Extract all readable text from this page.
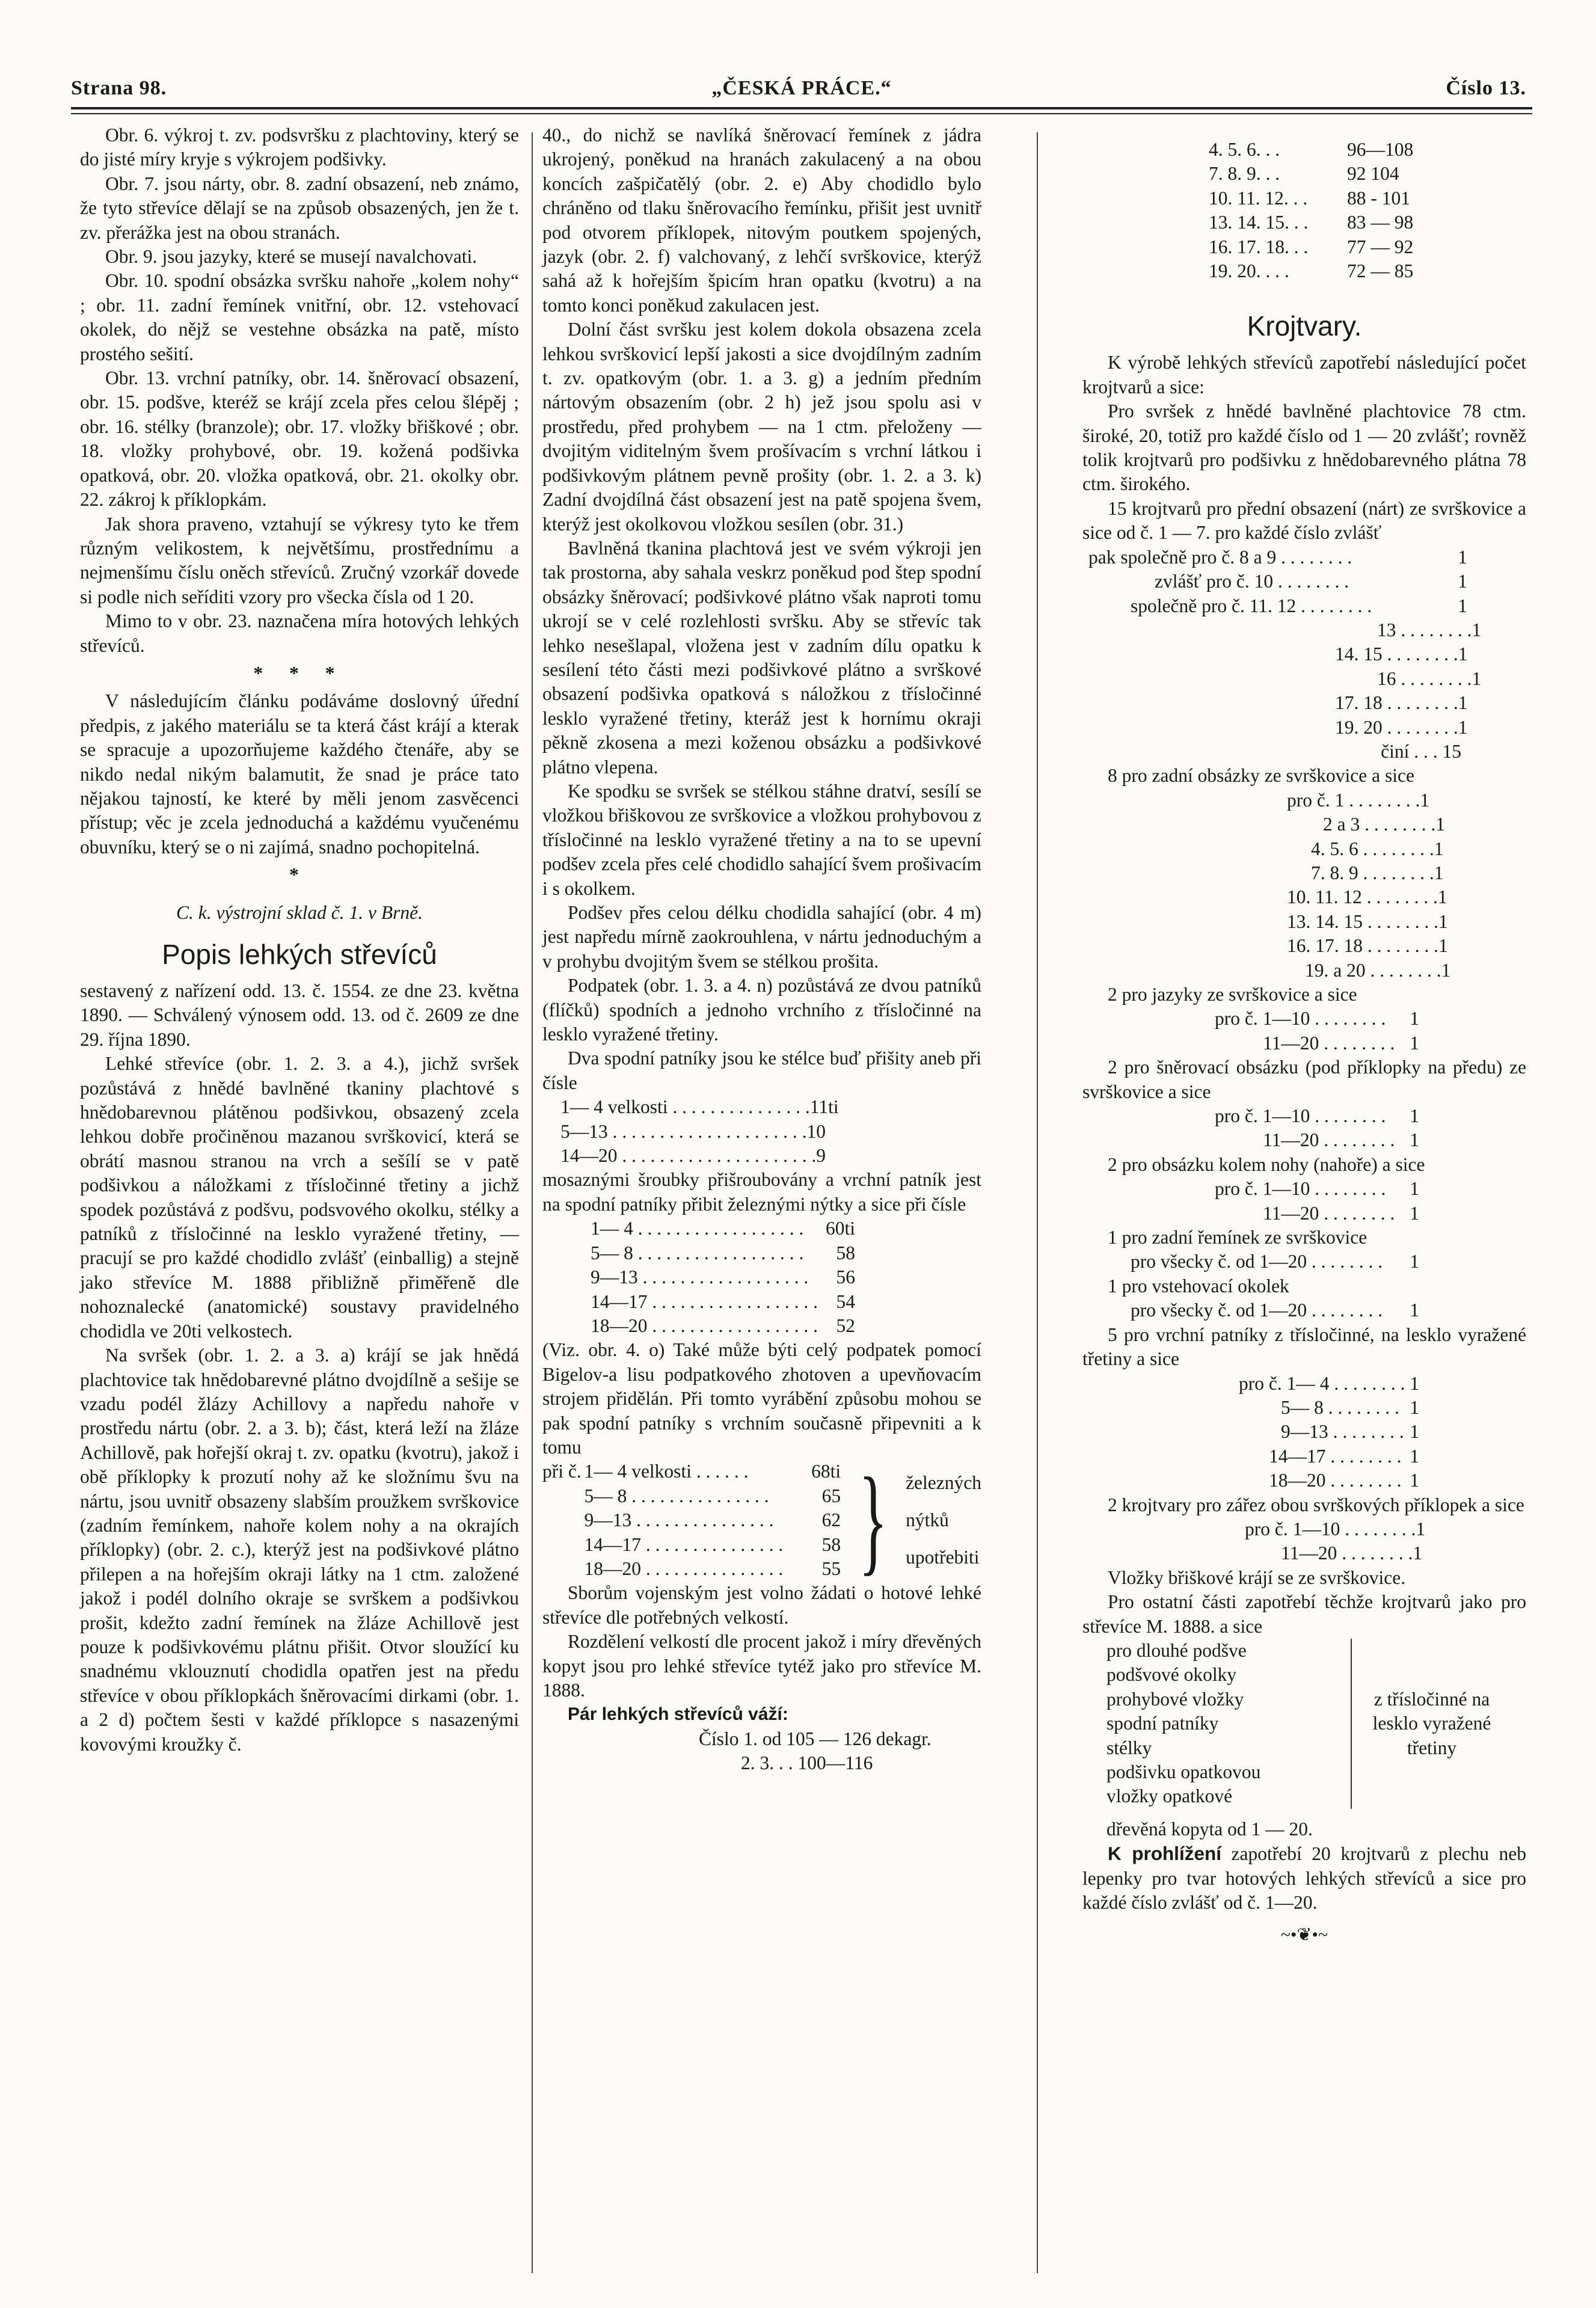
Strana 98.	„ČESKÁ PRÁCE.“	Číslo 13.

Obr. 6. výkroj t. zv. podsvršku z plachtoviny, který se do jisté míry kryje s výkrojem podšivky.

Obr. 7. jsou nárty, obr. 8. zadní obsazení, neb známo, že tyto střevíce dělají se na způsob obsazených, jen že t. zv. přerážka jest na obou stranách.

Obr. 9. jsou jazyky, které se musejí navalchovati.

Obr. 10. spodní obsázka svršku nahoře „kolem nohy“ ; obr. 11. zadní řemínek vnitřní, obr. 12. vstehovací okolek, do nějž se vestehne obsázka na patě, místo prostého sešití.

Obr. 13. vrchní patníky, obr. 14. šněrovací obsazení, obr. 15. podšve, kteréž se krájí zcela přes celou šlépěj ; obr. 16. stélky (branzole); obr. 17. vložky břiškové ; obr. 18. vložky prohybové, obr. 19. kožená podšivka opatková, obr. 20. vložka opatková, obr. 21. okolky obr. 22. zákroj k příklopkám.

Jak shora praveno, vztahují se výkresy tyto ke třem různým velikostem, k největšímu, prostřednímu a nejmenšímu číslu oněch střevíců. Zručný vzorkář dovede si podle nich seříditi vzory pro všecka čísla od 1 20.

Mimo to v obr. 23. naznačena míra hotových lehkých střevíců.

* * *

V následujícím článku podáváme doslovný úřední předpis, z jakého materiálu se ta která část krájí a kterak se spracuje a upozorňujeme každého čtenáře, aby se nikdo nedal nikým balamutit, že snad je práce tato nějakou tajností, ke které by měli jenom zasvěcenci přístup; věc je zcela jednoduchá a každému vyučenému obuvníku, který se o ni zajímá, snadno pochopitelná.

*

C. k. výstrojní sklad č. 1. v Brně.

Popis lehkých střevíců

sestavený z nařízení odd. 13. č. 1554. ze dne 23. května 1890. — Schválený výnosem odd. 13. od č. 2609 ze dne 29. října 1890.

Lehké střevíce (obr. 1. 2. 3. a 4.), jichž svršek pozůstává z hnědé bavlněné tkaniny plachtové s hnědobarevnou plátěnou podšivkou, obsazený zcela lehkou dobře pročiněnou mazanou svrškovicí, která se obrátí masnou stranou na vrch a sešílí se v patě podšivkou a náložkami z třísločinné třetiny a jichž spodek pozůstává z podšvu, podsvového okolku, stélky a patníků z třísločinné na lesklo vyražené třetiny, — pracují se pro každé chodidlo zvlášť (einballig) a stejně jako střevíce M. 1888 přibližně přiměřeně dle nohoznalecké (anatomické) soustavy pravidelného chodidla ve 20ti velkostech.

Na svršek (obr. 1. 2. a 3. a) krájí se jak hnědá plachtovice tak hnědobarevné plátno dvojdílně a sešije se vzadu podél žlázy Achillovy a napředu nahoře v prostředu nártu (obr. 2. a 3. b); část, která leží na žláze Achillově, pak hořejší okraj t. zv. opatku (kvotru), jakož i obě příklopky k prozutí nohy až ke složnímu švu na nártu, jsou uvnitř obsazeny slabším proužkem svrškovice (zadním řemínkem, nahoře kolem nohy a na okrajích příklopky) (obr. 2. c.), kterýž jest na podšivkové plátno přilepen a na hořejším okraji látky na 1 ctm. založené jakož i podél dolního okraje se svrškem a podšivkou prošit, kdežto zadní řemínek na žláze Achillově jest pouze k podšivkovému plátnu přišit. Otvor sloužící ku snadnému vklouznutí chodidla opatřen jest na předu střevíce v obou příklopkách šněrovacími dirkami (obr. 1. a 2 d) počtem šesti v každé příklopce s nasazenými kovovými kroužky č.

40., do nichž se navlíká šněrovací řemínek z jádra ukrojený, poněkud na hranách zakulacený a na obou koncích zašpičatělý (obr. 2. e) Aby chodidlo bylo chráněno od tlaku šněrovacího řemínku, přišit jest uvnitř pod otvorem příklopek, nitovým poutkem spojených, jazyk (obr. 2. f) valchovaný, z lehčí svrškovice, kterýž sahá až k hořejším špicím hran opatku (kvotru) a na tomto konci poněkud zakulacen jest.

Dolní část svršku jest kolem dokola obsazena zcela lehkou svrškovicí lepší jakosti a sice dvojdílným zadním t. zv. opatkovým (obr. 1. a 3. g) a jedním předním nártovým obsazením (obr. 2 h) jež jsou spolu asi v prostředu, před prohybem — na 1 ctm. přeloženy — dvojitým viditelným švem prošívacím s vrchní látkou i podšivkovým plátnem pevně prošity (obr. 1. 2. a 3. k) Zadní dvojdílná část obsazení jest na patě spojena švem, kterýž jest okolkovou vložkou sesílen (obr. 31.)

Bavlněná tkanina plachtová jest ve svém výkroji jen tak prostorna, aby sahala veskrz poněkud pod štep spodní obsázky šněrovací; podšivkové plátno však naproti tomu ukrojí se v celé rozlehlosti svršku. Aby se střevíc tak lehko nesešlapal, vložena jest v zadním dílu opatku k sesílení této části mezi podšivkové plátno a svrškové obsazení podšivka opatková s náložkou z třísločinné lesklo vyražené třetiny, kteráž jest k hornímu okraji pěkně zkosena a mezi koženou obsázku a podšivkové plátno vlepena.

Ke spodku se svršek se stélkou stáhne dratví, sesílí se vložkou břiškovou ze svrškovice a vložkou prohybovou z třísločinné na lesklo vyražené třetiny a na to se upevní podšev zcela přes celé chodidlo sahající švem prošivacím i s okolkem.

Podšev přes celou délku chodidla sahající (obr. 4 m) jest napředu mírně zaokrouhlena, v nártu jednoduchým a v prohybu dvojitým švem se stélkou prošita.

Podpatek (obr. 1. 3. a 4. n) pozůstává ze dvou patníků (flíčků) spodních a jednoho vrchního z třísločinné na lesklo vyražené třetiny.

Dva spodní patníky jsou ke stélce buď přišity aneb při čísle

1— 4 velkosti . . . . . . . . . . . . . . . 11ti
5—13 . . . . . . . . . . . . . . . . . . . . . 10
14—20 . . . . . . . . . . . . . . . . . . . . . 9

mosaznými šroubky přišroubovány a vrchní patník jest na spodní patníky přibit železnými nýtky a sice při čísle

1— 4 . . . . . . . . . . . . . . . . . .	60ti
5— 8 . . . . . . . . . . . . . . . . . .	58
9—13 . . . . . . . . . . . . . . . . . .	56
14—17 . . . . . . . . . . . . . . . . . . 54
18—20 . . . . . . . . . . . . . . . . . . 52

(Viz. obr. 4. o) Také může býti celý podpatek pomocí Bigelov-a lisu podpatkového zhotoven a upevňovacím strojem přidělán. Při tomto vyrábění způsobu mohou se pak spodní patníky s vrchním současně připevniti a k tomu

při č. 1— 4 velkosti . . . . . .	68ti
5— 8 . . . . . . . . . . . . . . .	65
9—13 . . . . . . . . . . . . . . .	62
14—17 . . . . . . . . . . . . . . .	58
18—20 . . . . . . . . . . . . . . .	55 } železných
nýtků
upotřebiti

Sborům vojenským jest volno žádati o hotové lehké střevíce dle potřebných velkostí.

Rozdělení velkostí dle procent jakož i míry dřevěných kopyt jsou pro lehké střevíce tytéž jako pro střevíce M. 1888.

Pár lehkých střevíců váží:

Číslo 1. od 105 — 126 dekagr.

2. 3. . . 100—116

4. 5. 6. . .	96—108
7. 8. 9. . .	92 104
10. 11. 12. . .	88 - 101
13. 14. 15. . .	83 — 98
16. 17. 18. . .	77 — 92
19. 20. . . .	72 — 85

Krojtvary.

K výrobě lehkých střevíců zapotřebí následující počet krojtvarů a sice:

Pro svršek z hnědé bavlněné plachtovice 78 ctm. široké, 20, totiž pro každé číslo od 1 — 20 zvlášť; rovněž tolik krojtvarů pro podšivku z hnědobarevného plátna 78 ctm. širokého.

15 krojtvarů pro přední obsazení (nárt) ze svrškovice a sice od č. 1 — 7. pro každé číslo zvlášť

pak společně pro č. 8 a 9 . . . . . . . .	1
zvlášť pro č. 10 . . . . . . . .	1
společně pro č. 11. 12 . . . . . . . .	1
13 . . . . . . . . 1
14. 15 . . . . . . . . 1
16 . . . . . . . . 1
17. 18 . . . . . . . . 1
19. 20 . . . . . . . . 1
činí . . . 15

8 pro zadní obsázky ze svrškovice a sice

pro č. 1 . . . . . . . . 1
2 a 3 . . . . . . . . 1
4. 5. 6 . . . . . . . . 1
7. 8. 9 . . . . . . . . 1
10. 11. 12 . . . . . . . . 1
13. 14. 15 . . . . . . . . 1
16. 17. 18 . . . . . . . . 1
19. a 20 . . . . . . . . 1

2 pro jazyky ze svrškovice a sice

pro č. 1—10 . . . . . . . .	1
11—20 . . . . . . . . 1

2 pro šněrovací obsázku (pod příklopky na předu) ze svrškovice a sice

pro č. 1—10 . . . . . . . .	1
11—20 . . . . . . . . 1

2 pro obsázku kolem nohy (nahoře) a sice

pro č. 1—10 . . . . . . . .	1
11—20 . . . . . . . . 1

1 pro zadní řemínek ze svrškovice

pro všecky č. od 1—20 . . . . . . . .	1

1 pro vstehovací okolek

pro všecky č. od 1—20 . . . . . . . .	1

5 pro vrchní patníky z třísločinné, na lesklo vyražené třetiny a sice

pro č. 1— 4 . . . . . . . . 1
5— 8 . . . . . . . . 1
9—13 . . . . . . . . 1
14—17 . . . . . . . . 1
18—20 . . . . . . . . 1

2 krojtvary pro zářez obou svrškových příklopek a sice

pro č. 1—10 . . . . . . . . 1
11—20 . . . . . . . . 1

Vložky břiškové krájí se ze svrškovice.

Pro ostatní části zapotřebí těchže krojtvarů jako pro střevíce M. 1888. a sice

pro dlouhé podšve
podšvové okolky
prohybové vložky
spodní patníky
stélky
podšivku opatkovou
vložky opatkové
z třísločinné na lesklo vyražené třetiny

dřevěná kopyta od 1 — 20.

K prohlížení zapotřebí 20 krojtvarů z plechu neb lepenky pro tvar hotových lehkých střevíců a sice pro každé číslo zvlášť od č. 1—20.

~•❦•~
